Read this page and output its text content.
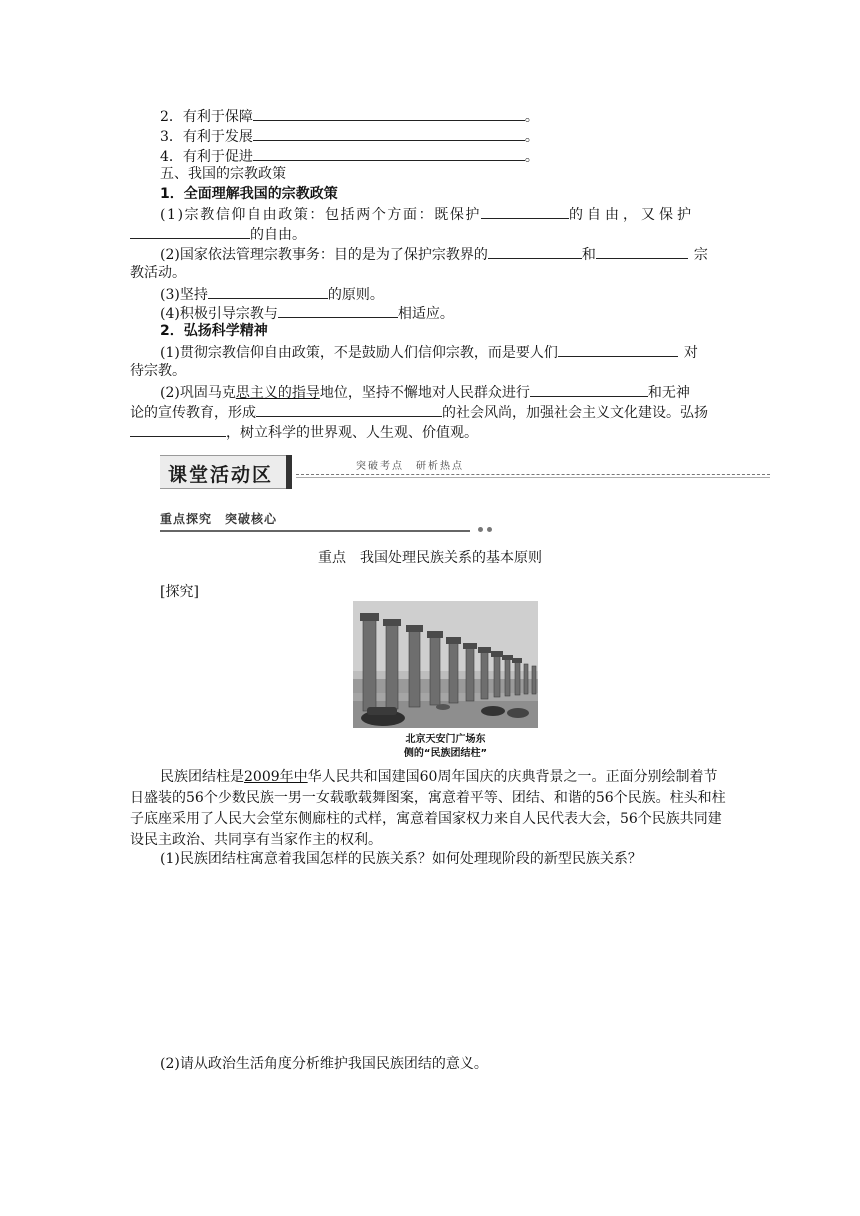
2．有利于保障	。
3．有利于发展	。
4．有利于促进	。
五、我国的宗教政策
1．全面理解我国的宗教政策
(1)宗教信仰自由政策：包括两个方面：既保护	的自由，又保护
的自由。
(2)国家依法管理宗教事务：目的是为了保护宗教界的	和	宗
教活动。
(3)坚持	的原则。
(4)积极引导宗教与	相适应。
2．弘扬科学精神
(1)贯彻宗教信仰自由政策，不是鼓励人们信仰宗教，而是要人们	对
待宗教。
(2)巩固马克思主义的指导地位，坚持不懈地对人民群众进行	和无神
论的宣传教育，形成	的社会风尚，加强社会主义文化建设。弘扬
，树立科学的世界观、人生观、价值观。
课堂活动区	突破考点　研析热点
重点探究　突破核心
重点　我国处理民族关系的基本原则
[探究]
北京天安门广场东
侧的“民族团结柱”
民族团结柱是2009年中华人民共和国建国60周年国庆的庆典背景之一。正面分别绘制着节日盛装的56个少数民族一男一女载歌载舞图案，寓意着平等、团结、和谐的56个民族。柱头和柱子底座采用了人民大会堂东侧廊柱的式样，寓意着国家权力来自人民代表大会，56个民族共同建设民主政治、共同享有当家作主的权利。
(1)民族团结柱寓意着我国怎样的民族关系？如何处理现阶段的新型民族关系？
(2)请从政治生活角度分析维护我国民族团结的意义。
